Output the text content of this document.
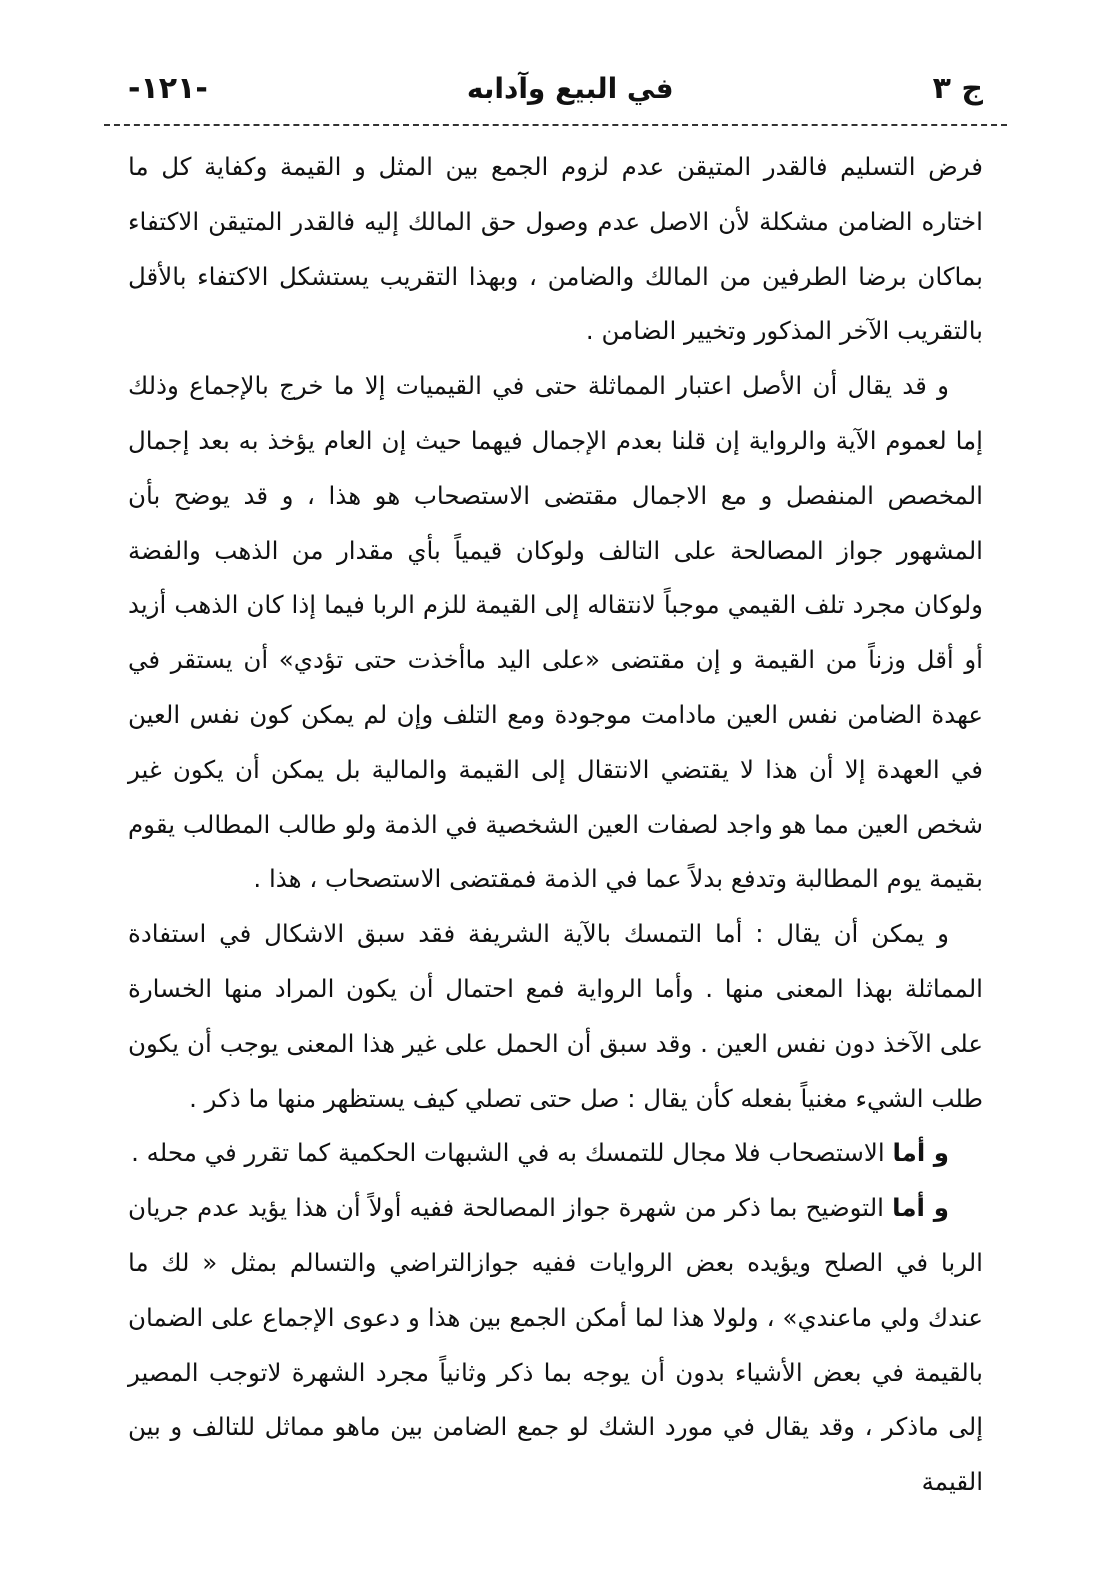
ج ٣
في البيع وآدابه
-١٢١-

فرض التسليم فالقدر المتيقن عدم لزوم الجمع بين المثل و القيمة وكفاية كل ما اختاره الضامن مشكلة لأن الاصل عدم وصول حق المالك إليه فالقدر المتيقن الاكتفاء بماكان برضا الطرفين من المالك والضامن ، وبهذا التقريب يستشكل الاكتفاء بالأقل بالتقريب الآخر المذكور وتخيير الضامن .

و قد يقال أن الأصل اعتبار المماثلة حتى في القيميات إلا ما خرج بالإجماع وذلك إما لعموم الآية والرواية إن قلنا بعدم الإجمال فيهما حيث إن العام يؤخذ به بعد إجمال المخصص المنفصل و مع الاجمال مقتضى الاستصحاب هو هذا ، و قد يوضح بأن المشهور جواز المصالحة على التالف ولوكان قيمياً بأي مقدار من الذهب والفضة ولوكان مجرد تلف القيمي موجباً لانتقاله إلى القيمة للزم الربا فيما إذا كان الذهب أزيد أو أقل وزناً من القيمة و إن مقتضى «على اليد ماأخذت حتى تؤدي» أن يستقر في عهدة الضامن نفس العين مادامت موجودة ومع التلف وإن لم يمكن كون نفس العين في العهدة إلا أن هذا لا يقتضي الانتقال إلى القيمة والمالية بل يمكن أن يكون غير شخص العين مما هو واجد لصفات العين الشخصية في الذمة ولو طالب المطالب يقوم بقيمة يوم المطالبة وتدفع بدلاً عما في الذمة فمقتضى الاستصحاب ، هذا .

و يمكن أن يقال : أما التمسك بالآية الشريفة فقد سبق الاشكال في استفادة المماثلة بهذا المعنى منها . وأما الرواية فمع احتمال أن يكون المراد منها الخسارة على الآخذ دون نفس العين . وقد سبق أن الحمل على غير هذا المعنى يوجب أن يكون طلب الشيء مغنياً بفعله كأن يقال : صل حتى تصلي كيف يستظهر منها ما ذكر .

و أما الاستصحاب فلا مجال للتمسك به في الشبهات الحكمية كما تقرر في محله .

و أما التوضيح بما ذكر من شهرة جواز المصالحة ففيه أولاً أن هذا يؤيد عدم جريان الربا في الصلح ويؤيده بعض الروايات ففيه جوازالتراضي والتسالم بمثل « لك ما عندك ولي ماعندي» ، ولولا هذا لما أمكن الجمع بين هذا و دعوى الإجماع على الضمان بالقيمة في بعض الأشياء بدون أن يوجه بما ذكر وثانياً مجرد الشهرة لاتوجب المصير إلى ماذكر ، وقد يقال في مورد الشك لو جمع الضامن بين ماهو مماثل للتالف و بين القيمة
